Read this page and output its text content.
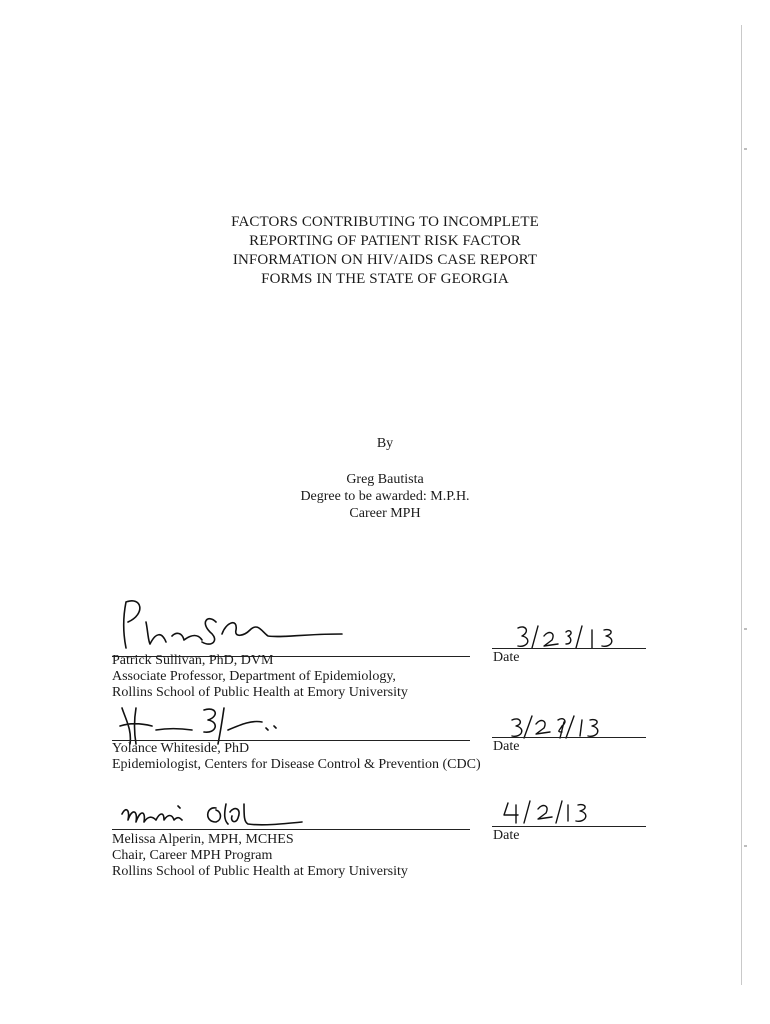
FACTORS CONTRIBUTING TO INCOMPLETE
REPORTING OF PATIENT RISK FACTOR
INFORMATION ON HIV/AIDS CASE REPORT
FORMS IN THE STATE OF GEORGIA
By
Greg Bautista
Degree to be awarded: M.P.H.
Career MPH
Date
Patrick Sullivan, PhD, DVM
Associate Professor, Department of Epidemiology,
Rollins School of Public Health at Emory University
Date
Yolance Whiteside, PhD
Epidemiologist, Centers for Disease Control & Prevention (CDC)
Date
Melissa Alperin, MPH, MCHES
Chair, Career MPH Program
Rollins School of Public Health at Emory University
